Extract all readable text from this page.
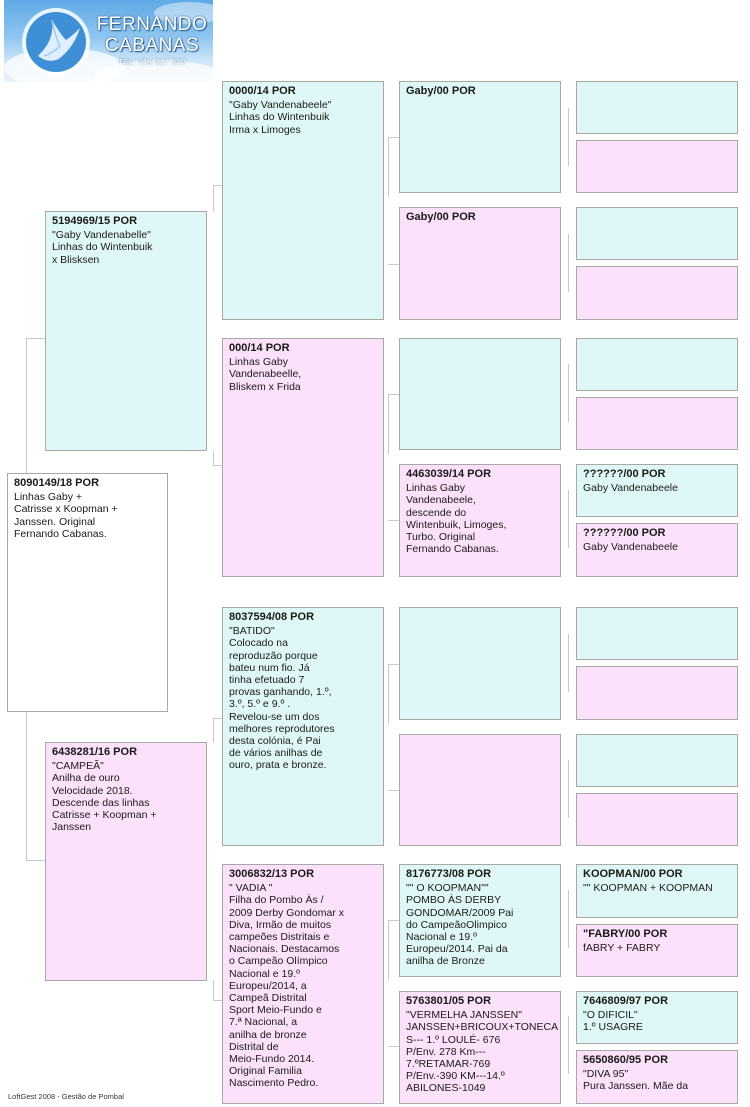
FERNANDO
CABANAS
TEL: 914 017 359
8090149/18 POR
Linhas Gaby +
Catrisse x Koopman +
Janssen. Original
Fernando Cabanas.
5194969/15 POR
"Gaby Vandenabelle"
Linhas do Wintenbuik
x Blisksen
6438281/16 POR
"CAMPEÃ"
Anilha de ouro
Velocidade 2018.
Descende das linhas
Catrisse + Koopman +
Janssen
0000/14 POR
"Gaby Vandenabeele"
Linhas do Wintenbuik
Irma x Limoges
000/14 POR
Linhas Gaby
Vandenabeelle,
Bliskem x Frida
8037594/08 POR
"BATIDO"
Colocado na
reproduzão porque
bateu num fio. Já
tinha efetuado 7
provas ganhando, 1.º,
3.º, 5.º e 9.º .
Revelou-se um dos
melhores reprodutores
desta colónia, é Pai
de vários anilhas de
ouro, prata e bronze.
3006832/13 POR
" VADIA "
Filha do Pombo Às /
2009 Derby Gondomar x
Diva, Irmão de muitos
campeões Distritais e
Nacionais. Destacamos
o Campeão Olímpico
Nacional e 19.º
Europeu/2014, a
Campeã Distrital
Sport Meio-Fundo e
7.ª Nacional, a
anilha de bronze
Distrital de
Meio-Fundo 2014.
Original Familia
Nascimento Pedro.
Gaby/00 POR
Gaby/00 POR
4463039/14 POR
Linhas Gaby
Vandenabeele,
descende do
Wintenbuik, Limoges,
Turbo. Original
Fernando Cabanas.
8176773/08 POR
"" O KOOPMAN""
POMBO ÀS DERBY
GONDOMAR/2009 Pai
do CampeãoOlimpico
Nacional e 19.º
Europeu/2014. Pai da
anilha de Bronze
5763801/05 POR
"VERMELHA JANSSEN"
JANSSEN+BRICOUX+TONECA
S--- 1.º LOULÉ- 676
P/Env. 278 Km---
7.ºRETAMAR-769
P/Env.-390 KM---14.º
ABILONES-1049
??????/00 POR
Gaby Vandenabeele
??????/00 POR
Gaby Vandenabeele
KOOPMAN/00 POR
"" KOOPMAN + KOOPMAN
"FABRY/00 POR
fABRY + FABRY
7646809/97 POR
"O DIFICIL"
1.º USAGRE
5650860/95 POR
"DIVA 95"
Pura Janssen. Mãe da
LoftGest 2008 - Gestão de Pombal
